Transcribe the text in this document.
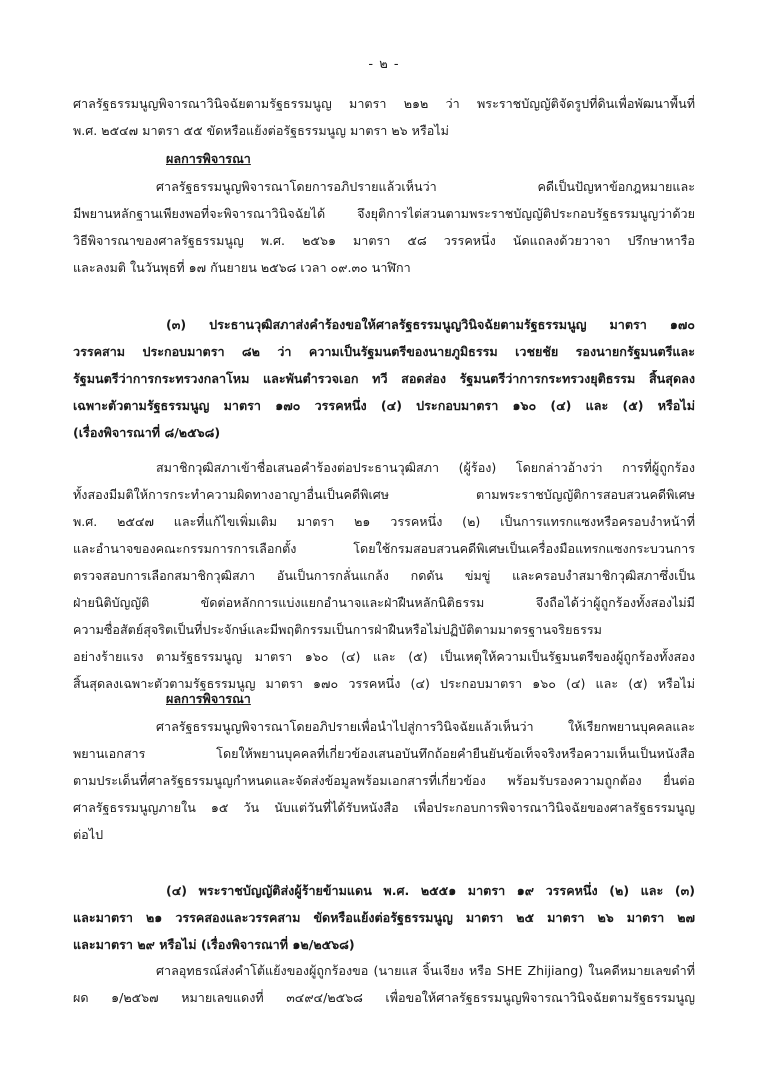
- ๒ -
ศาลรัฐธรรมนูญพิจารณาวินิจฉัยตามรัฐธรรมนูญ มาตรา ๒๑๒ ว่า พระราชบัญญัติจัดรูปที่ดินเพื่อพัฒนาพื้นที่
พ.ศ. ๒๕๔๗ มาตรา ๕๕ ขัดหรือแย้งต่อรัฐธรรมนูญ มาตรา ๒๖ หรือไม่
ผลการพิจารณา
ศาลรัฐธรรมนูญพิจารณาโดยการอภิปรายแล้วเห็นว่า คดีเป็นปัญหาข้อกฎหมายและ
มีพยานหลักฐานเพียงพอที่จะพิจารณาวินิจฉัยได้ จึงยุติการไต่สวนตามพระราชบัญญัติประกอบรัฐธรรมนูญว่าด้วย
วิธีพิจารณาของศาลรัฐธรรมนูญ พ.ศ. ๒๕๖๑ มาตรา ๕๘ วรรคหนึ่ง นัดแถลงด้วยวาจา ปรึกษาหารือ
และลงมติ ในวันพุธที่ ๑๗ กันยายน ๒๕๖๘ เวลา ๐๙.๓๐ นาฬิกา
(๓) ประธานวุฒิสภาส่งคำร้องขอให้ศาลรัฐธรรมนูญวินิจฉัยตามรัฐธรรมนูญ มาตรา ๑๗๐
วรรคสาม ประกอบมาตรา ๘๒ ว่า ความเป็นรัฐมนตรีของนายภูมิธรรม เวชยชัย รองนายกรัฐมนตรีและ
รัฐมนตรีว่าการกระทรวงกลาโหม และพันตำรวจเอก ทวี สอดส่อง รัฐมนตรีว่าการกระทรวงยุติธรรม สิ้นสุดลง
เฉพาะตัวตามรัฐธรรมนูญ มาตรา ๑๗๐ วรรคหนึ่ง (๔) ประกอบมาตรา ๑๖๐ (๔) และ (๕) หรือไม่
(เรื่องพิจารณาที่ ๘/๒๕๖๘)
สมาชิกวุฒิสภาเข้าชื่อเสนอคำร้องต่อประธานวุฒิสภา (ผู้ร้อง) โดยกล่าวอ้างว่า การที่ผู้ถูกร้อง
ทั้งสองมีมติให้การกระทำความผิดทางอาญาอื่นเป็นคดีพิเศษ ตามพระราชบัญญัติการสอบสวนคดีพิเศษ
พ.ศ. ๒๕๔๗ และที่แก้ไขเพิ่มเติม มาตรา ๒๑ วรรคหนึ่ง (๒) เป็นการแทรกแซงหรือครอบงำหน้าที่
และอำนาจของคณะกรรมการการเลือกตั้ง โดยใช้กรมสอบสวนคดีพิเศษเป็นเครื่องมือแทรกแซงกระบวนการ
ตรวจสอบการเลือกสมาชิกวุฒิสภา อันเป็นการกลั่นแกล้ง กดดัน ข่มขู่ และครอบงำสมาชิกวุฒิสภาซึ่งเป็น
ฝ่ายนิติบัญญัติ ขัดต่อหลักการแบ่งแยกอำนาจและฝ่าฝืนหลักนิติธรรม จึงถือได้ว่าผู้ถูกร้องทั้งสองไม่มี
ความซื่อสัตย์สุจริตเป็นที่ประจักษ์และมีพฤติกรรมเป็นการฝ่าฝืนหรือไม่ปฏิบัติตามมาตรฐานจริยธรรม
อย่างร้ายแรง ตามรัฐธรรมนูญ มาตรา ๑๖๐ (๔) และ (๕) เป็นเหตุให้ความเป็นรัฐมนตรีของผู้ถูกร้องทั้งสอง
สิ้นสุดลงเฉพาะตัวตามรัฐธรรมนูญ มาตรา ๑๗๐ วรรคหนึ่ง (๔) ประกอบมาตรา ๑๖๐ (๔) และ (๕) หรือไม่
ผลการพิจารณา
ศาลรัฐธรรมนูญพิจารณาโดยอภิปรายเพื่อนำไปสู่การวินิจฉัยแล้วเห็นว่า ให้เรียกพยานบุคคลและ
พยานเอกสาร โดยให้พยานบุคคลที่เกี่ยวข้องเสนอบันทึกถ้อยคำยืนยันข้อเท็จจริงหรือความเห็นเป็นหนังสือ
ตามประเด็นที่ศาลรัฐธรรมนูญกำหนดและจัดส่งข้อมูลพร้อมเอกสารที่เกี่ยวข้อง พร้อมรับรองความถูกต้อง ยื่นต่อ
ศาลรัฐธรรมนูญภายใน ๑๕ วัน นับแต่วันที่ได้รับหนังสือ เพื่อประกอบการพิจารณาวินิจฉัยของศาลรัฐธรรมนูญ
ต่อไป
(๔) พระราชบัญญัติส่งผู้ร้ายข้ามแดน พ.ศ. ๒๕๕๑ มาตรา ๑๙ วรรคหนึ่ง (๒) และ (๓)
และมาตรา ๒๑ วรรคสองและวรรคสาม ขัดหรือแย้งต่อรัฐธรรมนูญ มาตรา ๒๕ มาตรา ๒๖ มาตรา ๒๗
และมาตรา ๒๙ หรือไม่ (เรื่องพิจารณาที่ ๑๒/๒๕๖๘)
ศาลอุทธรณ์ส่งคำโต้แย้งของผู้ถูกร้องขอ (นายแส จิ้นเจียง หรือ SHE Zhijiang) ในคดีหมายเลขดำที่
ผด ๑/๒๕๖๗ หมายเลขแดงที่ ๓๔๙๔/๒๕๖๘ เพื่อขอให้ศาลรัฐธรรมนูญพิจารณาวินิจฉัยตามรัฐธรรมนูญ
